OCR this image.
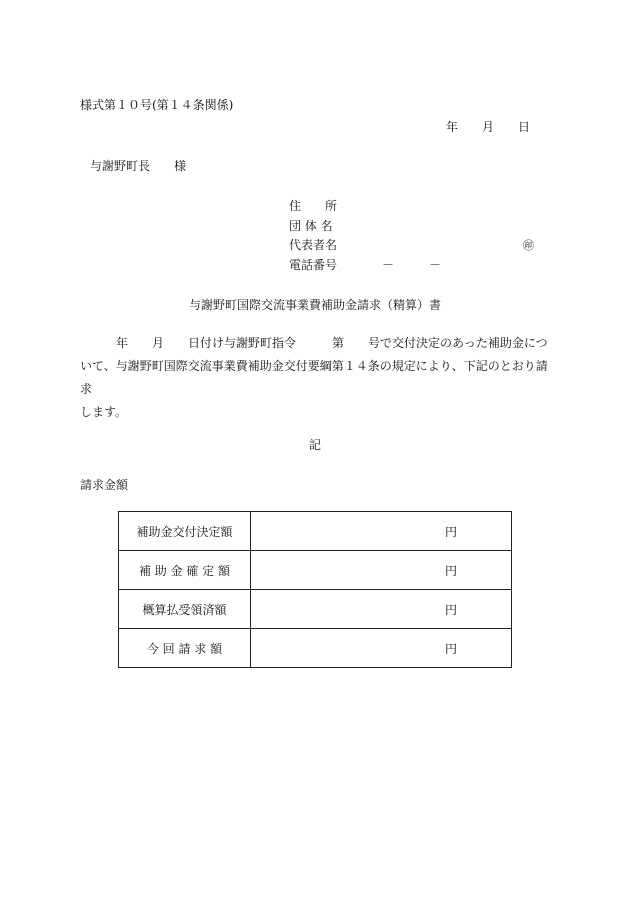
様式第１０号(第１４条関係)
年 月 日
与謝野町長　　様
住　　所
団 体 名
代表者名	㊞
電話番号	－	－
与謝野町国際交流事業費補助金請求（精算）書

　　　年　　月　　日付け与謝野町指令　　　第　　号で交付決定のあった補助金につ

いて、与謝野町国際交流事業費補助金交付要綱第１４条の規定により、下記のとおり請求

します。

記
請求金額
補助金交付決定額	円
補 助 金 確 定 額	円
概算払受領済額	円
今 回 請 求 額	円
